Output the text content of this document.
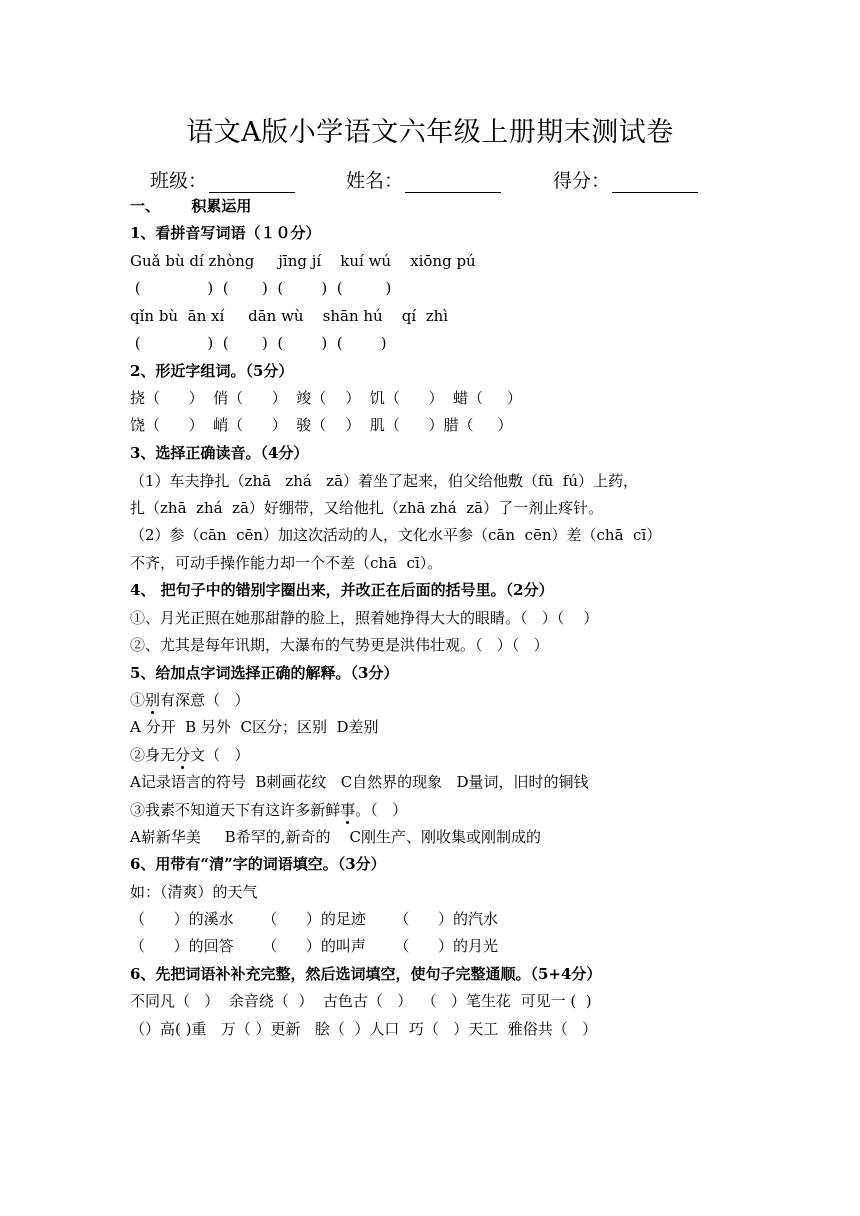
语文A版小学语文六年级上册期末测试卷
班级：	姓名：	得分：
一、      积累运用
1、看拼音写词语（１０分）
Guǎ bù dí zhòng     jīng jí    kuí wú    xiōng pú
(              )  (       )  (        )  (         )
qǐn bù  ān xí     dān wù    shān hú    qí  zhì
(              )  (       )  (        )  (        )
2、形近字组词。（5分）
挠（      ）  俏（      ）  竣（    ）  饥（      ）  蜡（     ）
饶（      ）  峭（      ）  骏（    ）  肌（      ）腊（     ）
3、选择正确读音。（4分）
（1）车夫挣扎（zhā   zhá   zā）着坐了起来，伯父给他敷（fū  fú）上药，
扎（zhā  zhá  zā）好绷带，又给他扎（zhā zhá  zā）了一剂止疼针。
（2）参（cān  cēn）加这次活动的人，文化水平参（cān  cēn）差（chā  cī）
不齐，可动手操作能力却一个不差（chā  cī）。
4、 把句子中的错别字圈出来，并改正在后面的括号里。（2分）
①、月光正照在她那甜静的脸上，照着她挣得大大的眼睛。（   ）（    ）
②、尤其是每年讯期，大瀑布的气势更是洪伟壮观。（   ）（   ）
5、给加点字词选择正确的解释。（3分）
①别有深意（ ）
A 分开  B 另外  C区分；区别  D差别
②身无分文（ ）
A记录语言的符号  B刺画花纹   C自然界的现象   D量词，旧时的铜钱
③我素不知道天下有这许多新鲜事。（ ）
A崭新华美     B希罕的,新奇的    C刚生产、刚收集或刚制成的
6、用带有“清”字的词语填空。（3分）
如：（清爽）的天气
（      ）的溪水      （      ）的足迹      （      ）的汽水
（      ）的回答      （      ）的叫声      （      ）的月光
6、先把词语补补充完整，然后选词填空，使句子完整通顺。（5+4分）
不同凡（   ）  余音绕（  ）  古色古（   ）  （   ）笔生花  可见一 (  )
（）高( )重   万（ ）更新   脍（  ）人口  巧（   ）天工  雅俗共（   ）
